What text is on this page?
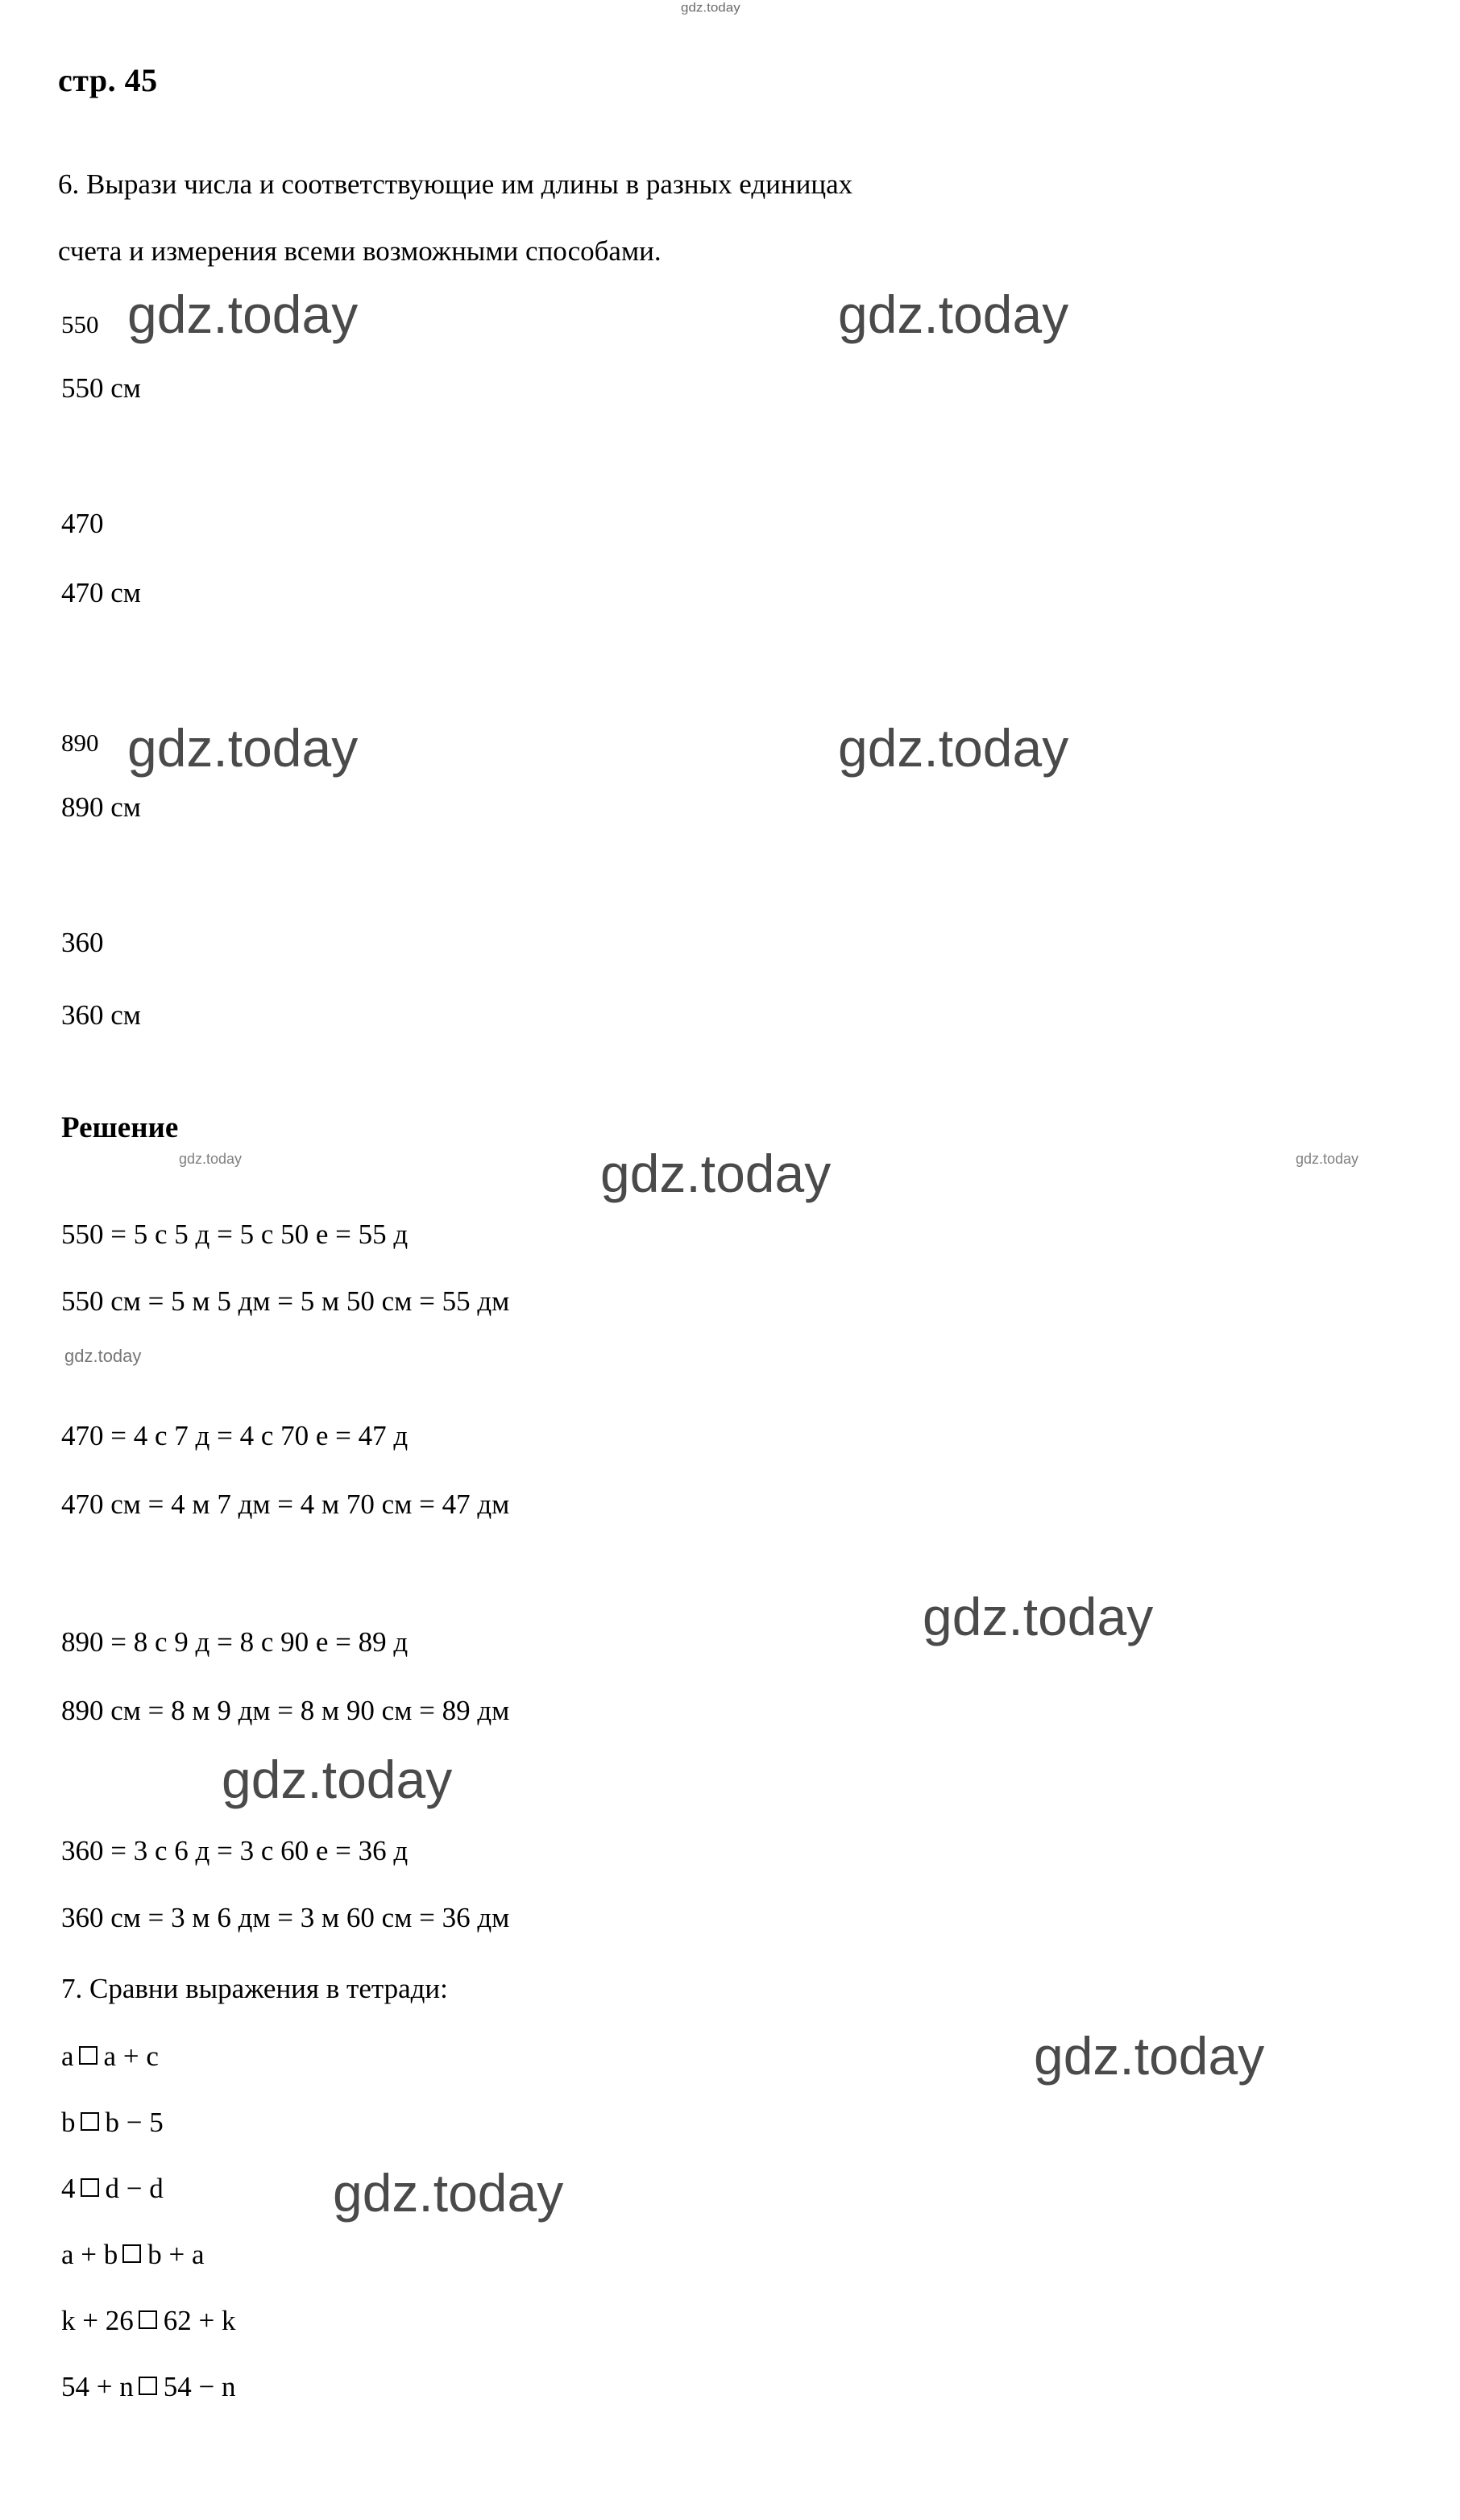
gdz.today
gdz.today	gdz.today
gdz.today	gdz.today
gdz.today
gdz.today	gdz.today
gdz.today
gdz.today
gdz.today
gdz.today
gdz.today
стр. 45
6. Вырази числа и соответствующие им длины в разных единицах
счета и измерения всеми возможными способами.
550
550 см
470
470 см
890
890 см
360
360 см
Решение
550 = 5 с 5 д = 5 с 50 е = 55 д
550 см = 5 м 5 дм = 5 м 50 см = 55 дм
470 = 4 с 7 д = 4 с 70 е = 47 д
470 см = 4 м 7 дм = 4 м 70 см = 47 дм
890 = 8 с 9 д = 8 с 90 е = 89 д
890 см = 8 м 9 дм = 8 м 90 см = 89 дм
360 = 3 с 6 д = 3 с 60 е = 36 д
360 см = 3 м 6 дм = 3 м 60 см = 36 дм
7. Сравни выражения в тетради:
a a + c
b b − 5
4 d − d
a + b b + a
k + 26 62 + k
54 + n 54 − n
